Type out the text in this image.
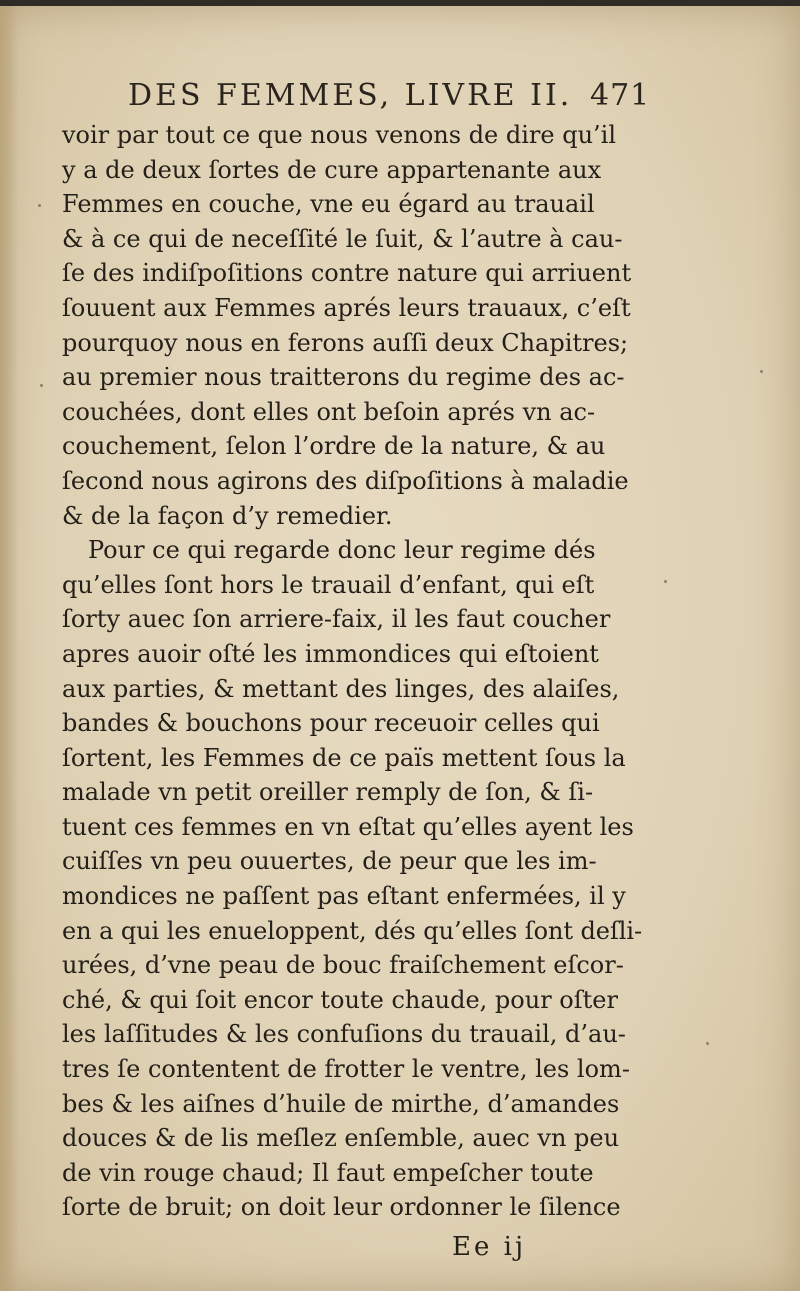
DES FEMMES, LIVRE II. 471
voir par tout ce que nous venons de dire qu’il
y a de deux ſortes de cure appartenante aux
Femmes en couche, vne eu égard au trauail
& à ce qui de neceſſité le ſuit, & l’autre à cau-
ſe des indiſpoſitions contre nature qui arriuent
ſouuent aux Femmes aprés leurs trauaux, c’eſt
pourquoy nous en ferons auſſi deux Chapitres;
au premier nous traitterons du regime des ac-
couchées, dont elles ont beſoin aprés vn ac-
couchement, ſelon l’ordre de la nature, & au
ſecond nous agirons des diſpoſitions à maladie
& de la façon d’y remedier.
Pour ce qui regarde donc leur regime dés
qu’elles ſont hors le trauail d’enfant, qui eſt
ſorty auec ſon arriere-faix, il les faut coucher
apres auoir oſté les immondices qui eſtoient
aux parties, & mettant des linges, des alaiſes,
bandes & bouchons pour receuoir celles qui
ſortent, les Femmes de ce païs mettent ſous la
malade vn petit oreiller remply de ſon, & ſi-
tuent ces femmes en vn eſtat qu’elles ayent les
cuiſſes vn peu ouuertes, de peur que les im-
mondices ne paſſent pas eſtant enfermées, il y
en a qui les enueloppent, dés qu’elles ſont deſli-
urées, d’vne peau de bouc fraiſchement eſcor-
ché, & qui ſoit encor toute chaude, pour oſter
les laſſitudes & les confuſions du trauail, d’au-
tres ſe contentent de frotter le ventre, les lom-
bes & les aiſnes d’huile de mirthe, d’amandes
douces & de lis meſlez enſemble, auec vn peu
de vin rouge chaud; Il faut empeſcher toute
ſorte de bruit; on doit leur ordonner le ſilence
Ee ij
